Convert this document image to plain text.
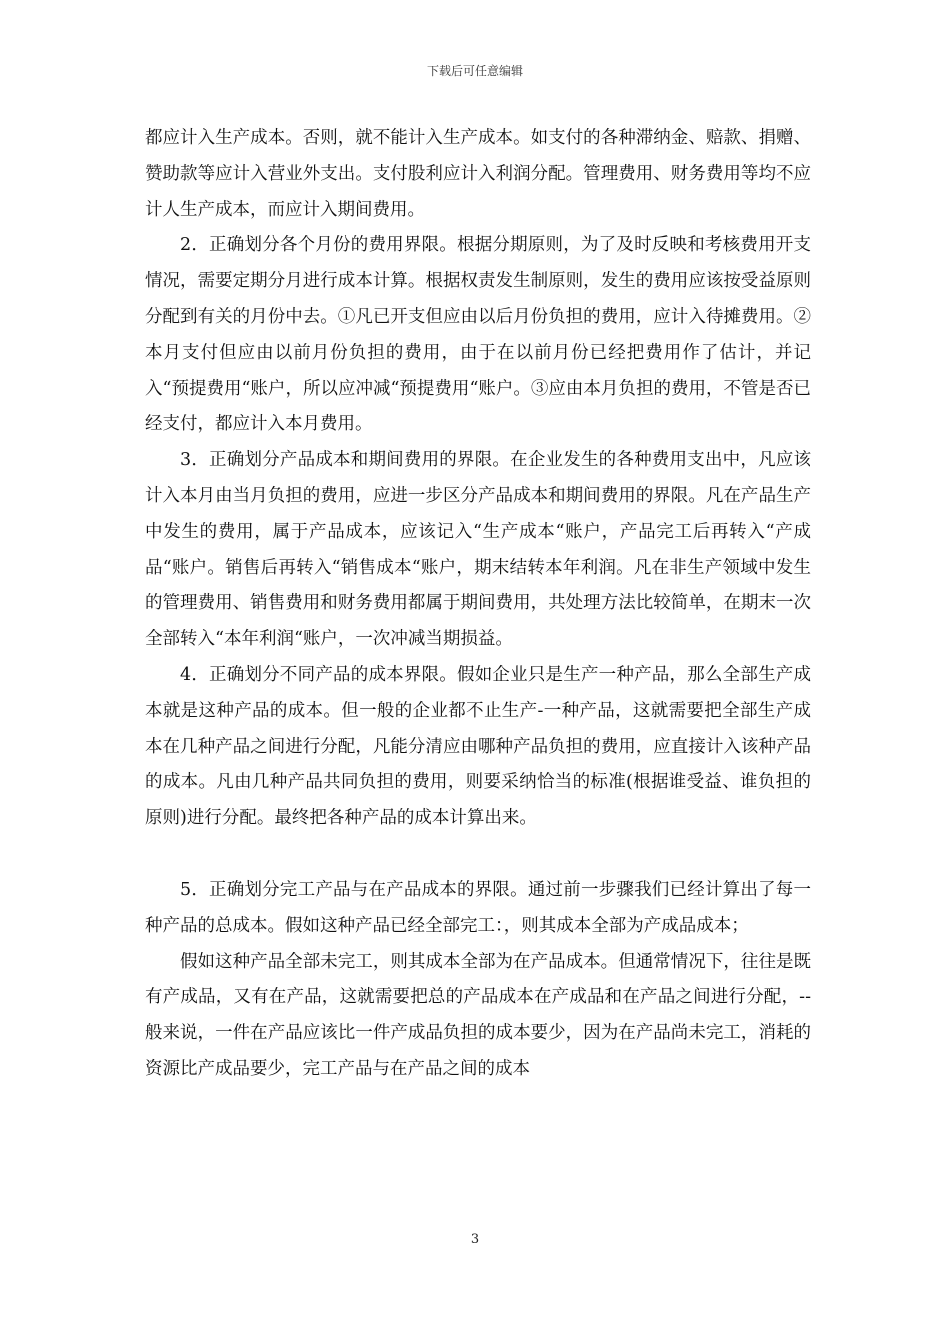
下载后可任意编辑

都应计入生产成本。否则，就不能计入生产成本。如支付的各种滞纳金、赔款、捐赠、赞助款等应计入营业外支出。支付股利应计入利润分配。管理费用、财务费用等均不应计人生产成本，而应计入期间费用。

2．正确划分各个月份的费用界限。根据分期原则，为了及时反映和考核费用开支情况，需要定期分月进行成本计算。根据权责发生制原则，发生的费用应该按受益原则分配到有关的月份中去。①凡已开支但应由以后月份负担的费用，应计入待摊费用。②本月支付但应由以前月份负担的费用，由于在以前月份已经把费用作了估计，并记入“预提费用“账户，所以应冲减“预提费用“账户。③应由本月负担的费用，不管是否已经支付，都应计入本月费用。

3．正确划分产品成本和期间费用的界限。在企业发生的各种费用支出中，凡应该计入本月由当月负担的费用，应进一步区分产品成本和期间费用的界限。凡在产品生产中发生的费用，属于产品成本，应该记入“生产成本“账户，产品完工后再转入“产成品“账户。销售后再转入“销售成本“账户，期末结转本年利润。凡在非生产领域中发生的管理费用、销售费用和财务费用都属于期间费用，共处理方法比较简单，在期末一次全部转入“本年利润“账户，一次冲减当期损益。

4．正确划分不同产品的成本界限。假如企业只是生产一种产品，那么全部生产成本就是这种产品的成本。但一般的企业都不止生产-一种产品，这就需要把全部生产成本在几种产品之间进行分配，凡能分清应由哪种产品负担的费用，应直接计入该种产品的成本。凡由几种产品共同负担的费用，则要采纳恰当的标准(根据谁受益、谁负担的原则)进行分配。最终把各种产品的成本计算出来。

5．正确划分完工产品与在产品成本的界限。通过前一步骤我们已经计算出了每一种产品的总成本。假如这种产品已经全部完工：，则其成本全部为产成品成本；

假如这种产品全部未完工，则其成本全部为在产品成本。但通常情况下，往往是既有产成品，又有在产品，这就需要把总的产品成本在产成品和在产品之间进行分配，--般来说，一件在产品应该比一件产成品负担的成本要少，因为在产品尚未完工，消耗的资源比产成品要少，完工产品与在产品之间的成本

3
